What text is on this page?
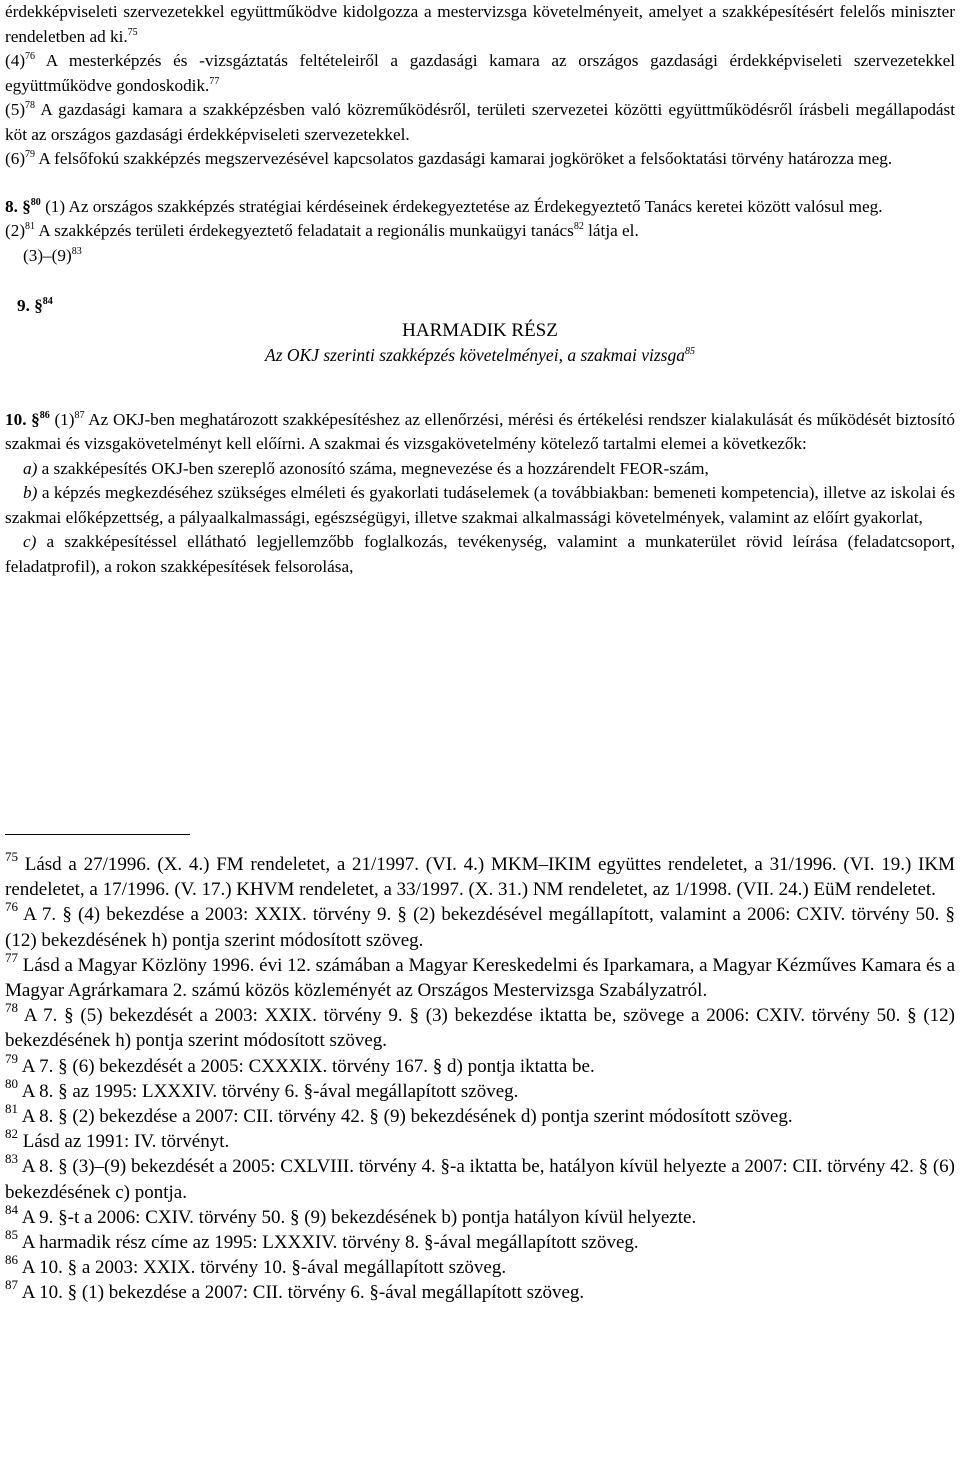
érdekképviseleti szervezetekkel együttműködve kidolgozza a mestervizsga követelményeit, amelyet a szakképesítésért felelős miniszter rendeletben ad ki.$^{75}$

$(4)^{76}$ A mesterképzés és -vizsgáztatás feltételeiről a gazdasági kamara az országos gazdasági érdekképviseleti szervezetekkel együttműködve gondoskodik.$^{77}$

$(5)^{78}$ A gazdasági kamara a szakképzésben való közreműködésről, területi szervezetei közötti együttműködésről írásbeli megállapodást köt az országos gazdasági érdekképviseleti szervezetekkel.

$(6)^{79}$ A felsőfokú szakképzés megszervezésével kapcsolatos gazdasági kamarai jogköröket a felsőoktatási törvény határozza meg.

8. §$^{80}$ (1) Az országos szakképzés stratégiai kérdéseinek érdekegyeztetése az Érdekegyeztető Tanács keretei között valósul meg.

$(2)^{81}$ A szakképzés területi érdekegyeztető feladatait a regionális munkaügyi tanács$^{82}$ látja el.

$(3)-(9)^{83}$

9. §$^{84}$

HARMADIK RÉSZ

Az OKJ szerinti szakképzés követelményei, a szakmai vizsga$^{85}$

10. §$^{86}$ $(1)^{87}$ Az OKJ-ben meghatározott szakképesítéshez az ellenőrzési, mérési és értékelési rendszer kialakulását és működését biztosító szakmai és vizsgakövetelményt kell előírni. A szakmai és vizsgakövetelmény kötelező tartalmi elemei a következők:

a) a szakképesítés OKJ-ben szereplő azonosító száma, megnevezése és a hozzárendelt FEOR-szám,

b) a képzés megkezdéséhez szükséges elméleti és gyakorlati tudáselemek (a továbbiakban: bemeneti kompetencia), illetve az iskolai és szakmai előképzettség, a pályaalkalmassági, egészségügyi, illetve szakmai alkalmassági követelmények, valamint az előírt gyakorlat,

c) a szakképesítéssel ellátható legjellemzőbb foglalkozás, tevékenység, valamint a munkaterület rövid leírása (feladatcsoport, feladatprofil), a rokon szakképesítések felsorolása,

$^{75}$ Lásd a 27/1996. (X. 4.) FM rendeletet, a 21/1997. (VI. 4.) MKM–IKIM együttes rendeletet, a 31/1996. (VI. 19.) IKM rendeletet, a 17/1996. (V. 17.) KHVM rendeletet, a 33/1997. (X. 31.) NM rendeletet, az 1/1998. (VII. 24.) EüM rendeletet.

$^{76}$ A 7. § (4) bekezdése a 2003: XXIX. törvény 9. § (2) bekezdésével megállapított, valamint a 2006: CXIV. törvény 50. § (12) bekezdésének h) pontja szerint módosított szöveg.

$^{77}$ Lásd a Magyar Közlöny 1996. évi 12. számában a Magyar Kereskedelmi és Iparkamara, a Magyar Kézműves Kamara és a Magyar Agrárkamara 2. számú közös közleményét az Országos Mestervizsga Szabályzatról.

$^{78}$ A 7. § (5) bekezdését a 2003: XXIX. törvény 9. § (3) bekezdése iktatta be, szövege a 2006: CXIV. törvény 50. § (12) bekezdésének h) pontja szerint módosított szöveg.

$^{79}$ A 7. § (6) bekezdését a 2005: CXXXIX. törvény 167. § d) pontja iktatta be.

$^{80}$ A 8. § az 1995: LXXXIV. törvény 6. §-ával megállapított szöveg.

$^{81}$ A 8. § (2) bekezdése a 2007: CII. törvény 42. § (9) bekezdésének d) pontja szerint módosított szöveg.

$^{82}$ Lásd az 1991: IV. törvényt.

$^{83}$ A 8. § (3)–(9) bekezdését a 2005: CXLVIII. törvény 4. §-a iktatta be, hatályon kívül helyezte a 2007: CII. törvény 42. § (6) bekezdésének c) pontja.

$^{84}$ A 9. §-t a 2006: CXIV. törvény 50. § (9) bekezdésének b) pontja hatályon kívül helyezte.

$^{85}$ A harmadik rész címe az 1995: LXXXIV. törvény 8. §-ával megállapított szöveg.

$^{86}$ A 10. § a 2003: XXIX. törvény 10. §-ával megállapított szöveg.

$^{87}$ A 10. § (1) bekezdése a 2007: CII. törvény 6. §-ával megállapított szöveg.
